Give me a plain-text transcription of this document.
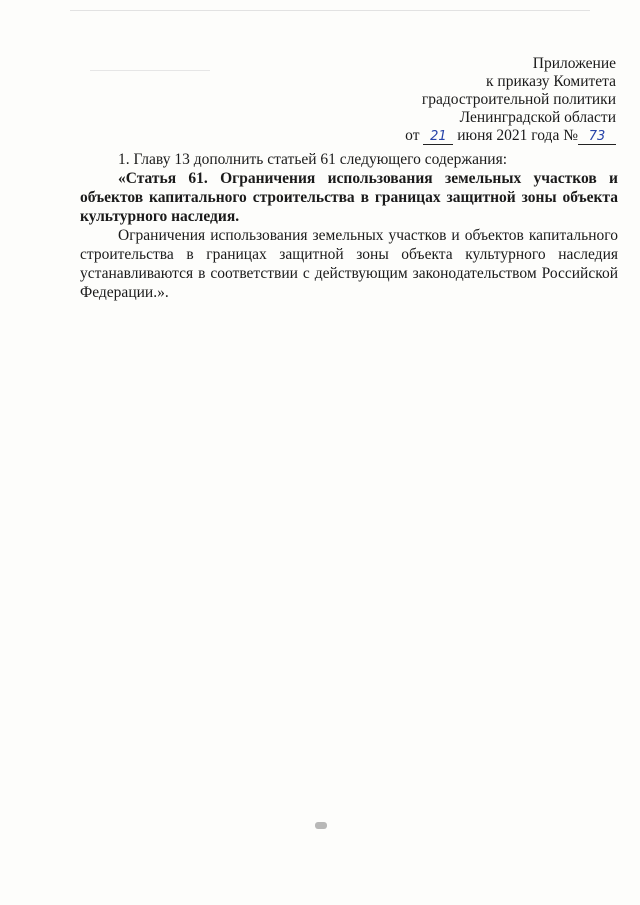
Приложение
к приказу Комитета
градостроительной политики
Ленинградской области
от 21 июня 2021 года № 73

1. Главу 13 дополнить статьей 61 следующего содержания:

«Статья 61. Ограничения использования земельных участков и объектов капитального строительства в границах защитной зоны объекта культурного наследия.

Ограничения использования земельных участков и объектов капитального строительства в границах защитной зоны объекта культурного наследия устанавливаются в соответствии с действующим законодательством Российской Федерации.».
